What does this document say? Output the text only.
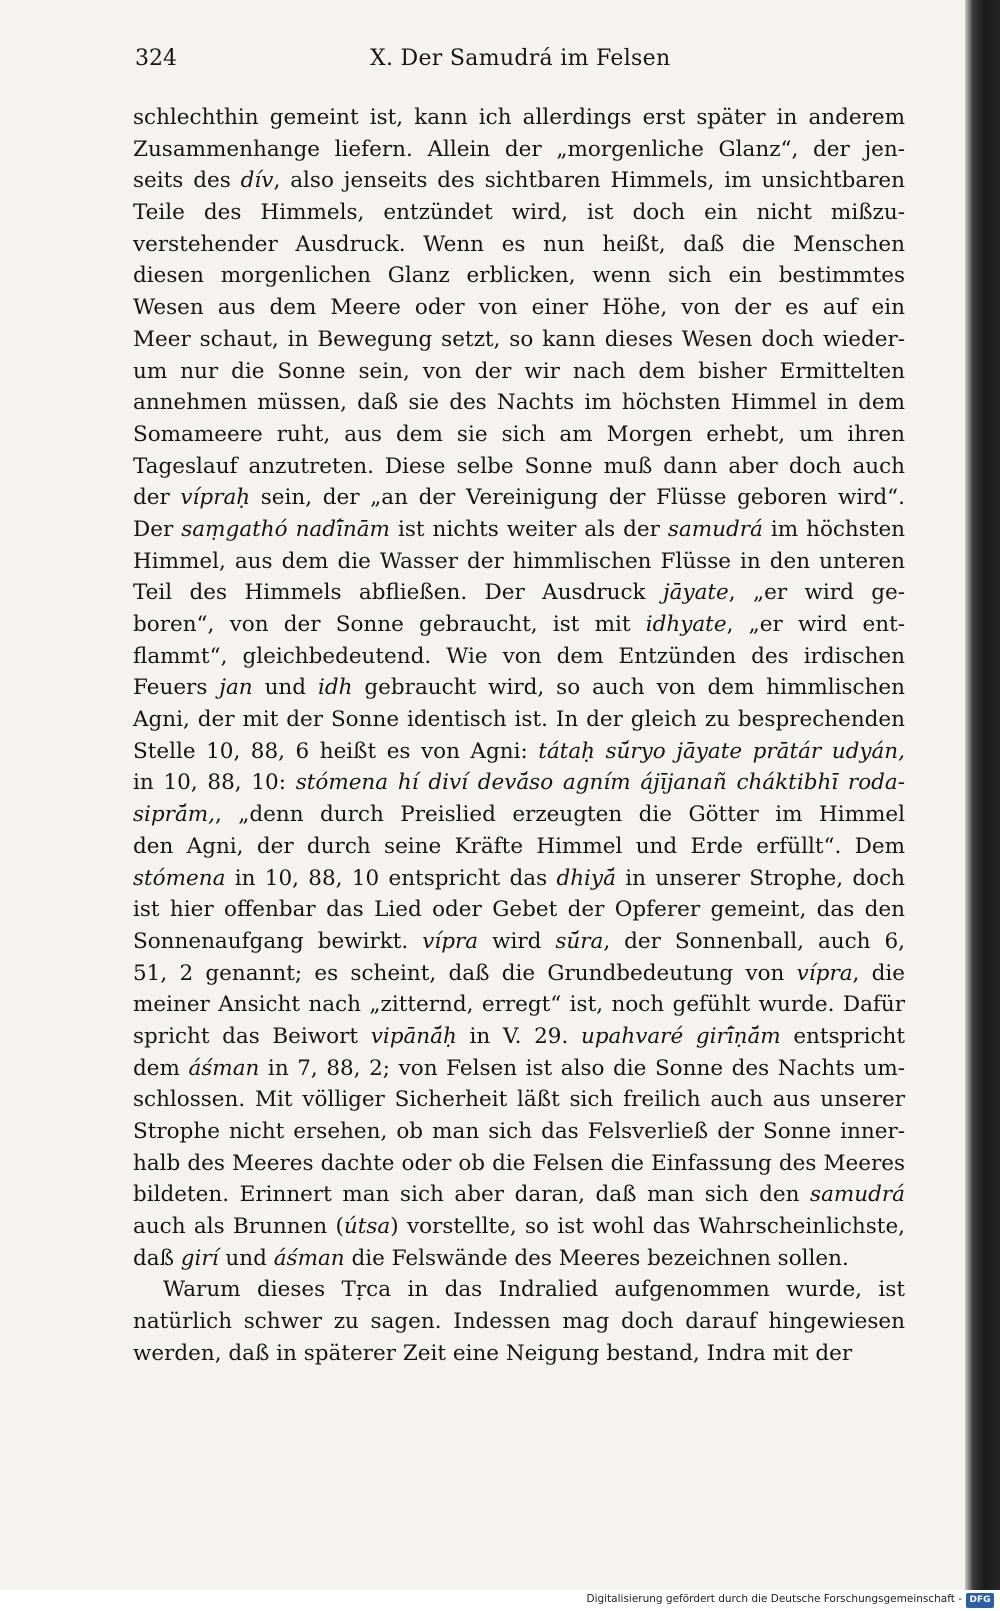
324	X. Der Samudrá im Felsen
schlechthin gemeint ist, kann ich allerdings erst später in anderem
Zusammenhange liefern. Allein der „morgenliche Glanz“, der jen-
seits des dív, also jenseits des sichtbaren Himmels, im unsichtbaren
Teile des Himmels, entzündet wird, ist doch ein nicht mißzu-
verstehender Ausdruck. Wenn es nun heißt, daß die Menschen
diesen morgenlichen Glanz erblicken, wenn sich ein bestimmtes
Wesen aus dem Meere oder von einer Höhe, von der es auf ein
Meer schaut, in Bewegung setzt, so kann dieses Wesen doch wieder-
um nur die Sonne sein, von der wir nach dem bisher Ermittelten
annehmen müssen, daß sie des Nachts im höchsten Himmel in dem
Somameere ruht, aus dem sie sich am Morgen erhebt, um ihren
Tageslauf anzutreten. Diese selbe Sonne muß dann aber doch auch
der vípraḥ sein, der „an der Vereinigung der Flüsse geboren wird“.
Der saṃgathó nadī́nām ist nichts weiter als der samudrá im höchsten
Himmel, aus dem die Wasser der himmlischen Flüsse in den unteren
Teil des Himmels abfließen. Der Ausdruck jāyate, „er wird ge-
boren“, von der Sonne gebraucht, ist mit idhyate, „er wird ent-
flammt“, gleichbedeutend. Wie von dem Entzünden des irdischen
Feuers jan und idh gebraucht wird, so auch von dem himmlischen
Agni, der mit der Sonne identisch ist. In der gleich zu besprechenden
Stelle 10, 88, 6 heißt es von Agni: tátaḥ sū́ryo jāyate prātár udyán,
in 10, 88, 10: stómena hí diví devā́so agním ájījanañ cháktibhī roda-
siprā́m,, „denn durch Preislied erzeugten die Götter im Himmel
den Agni, der durch seine Kräfte Himmel und Erde erfüllt“. Dem
stómena in 10, 88, 10 entspricht das dhiyā́ in unserer Strophe, doch
ist hier offenbar das Lied oder Gebet der Opferer gemeint, das den
Sonnenaufgang bewirkt. vípra wird sū́ra, der Sonnenball, auch 6,
51, 2 genannt; es scheint, daß die Grundbedeutung von vípra, die
meiner Ansicht nach „zitternd, erregt“ ist, noch gefühlt wurde. Dafür
spricht das Beiwort vipānā́ḥ in V. 29. upahvaré girī́ṇā́m entspricht
dem áśman in 7, 88, 2; von Felsen ist also die Sonne des Nachts um-
schlossen. Mit völliger Sicherheit läßt sich freilich auch aus unserer
Strophe nicht ersehen, ob man sich das Felsverließ der Sonne inner-
halb des Meeres dachte oder ob die Felsen die Einfassung des Meeres
bildeten. Erinnert man sich aber daran, daß man sich den samudrá
auch als Brunnen (útsa) vorstellte, so ist wohl das Wahrscheinlichste,
daß girí und áśman die Felswände des Meeres bezeichnen sollen.
Warum dieses Tṛca in das Indralied aufgenommen wurde, ist
natürlich schwer zu sagen. Indessen mag doch darauf hingewiesen
werden, daß in späterer Zeit eine Neigung bestand, Indra mit der
Digitalisierung gefördert durch die Deutsche Forschungsgemeinschaft - DFG
